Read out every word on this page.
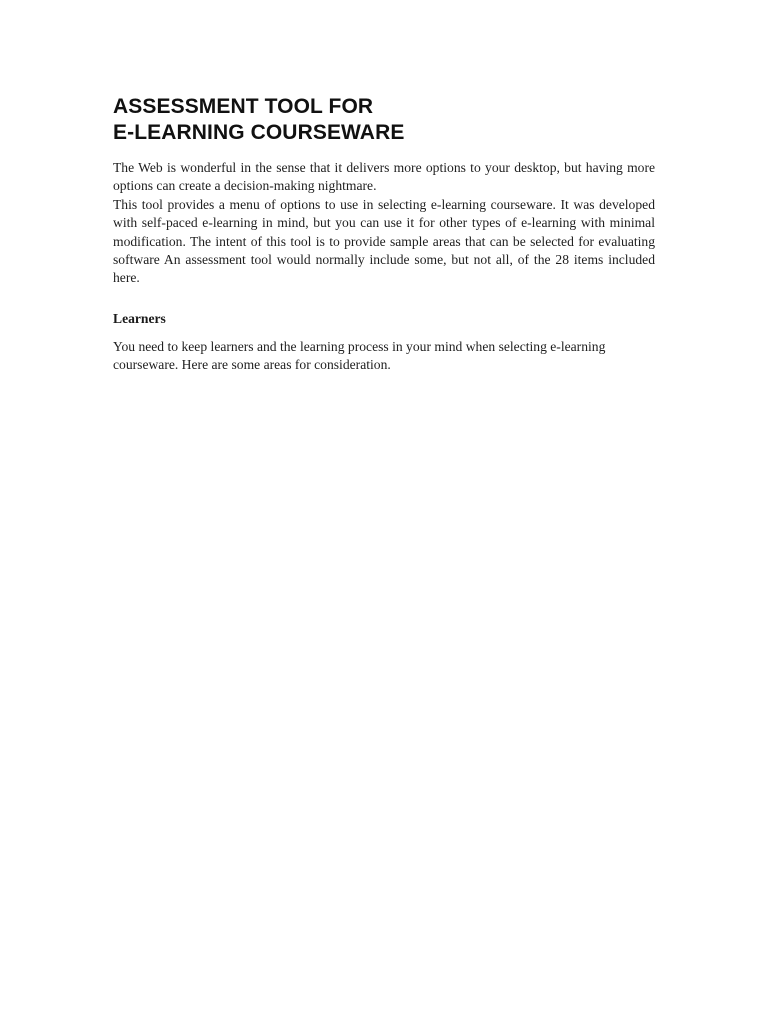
ASSESSMENT TOOL FOR
E-LEARNING COURSEWARE

The Web is wonderful in the sense that it delivers more options to your desktop, but having more options can create a decision-making nightmare.

This tool provides a menu of options to use in selecting e-learning courseware. It was developed with self-paced e-learning in mind, but you can use it for other types of e-learning with minimal modification. The intent of this tool is to provide sample areas that can be selected for evaluating software An assessment tool would normally include some, but not all, of the 28 items included here.

Learners

You need to keep learners and the learning process in your mind when selecting e-learning courseware. Here are some areas for consideration.
